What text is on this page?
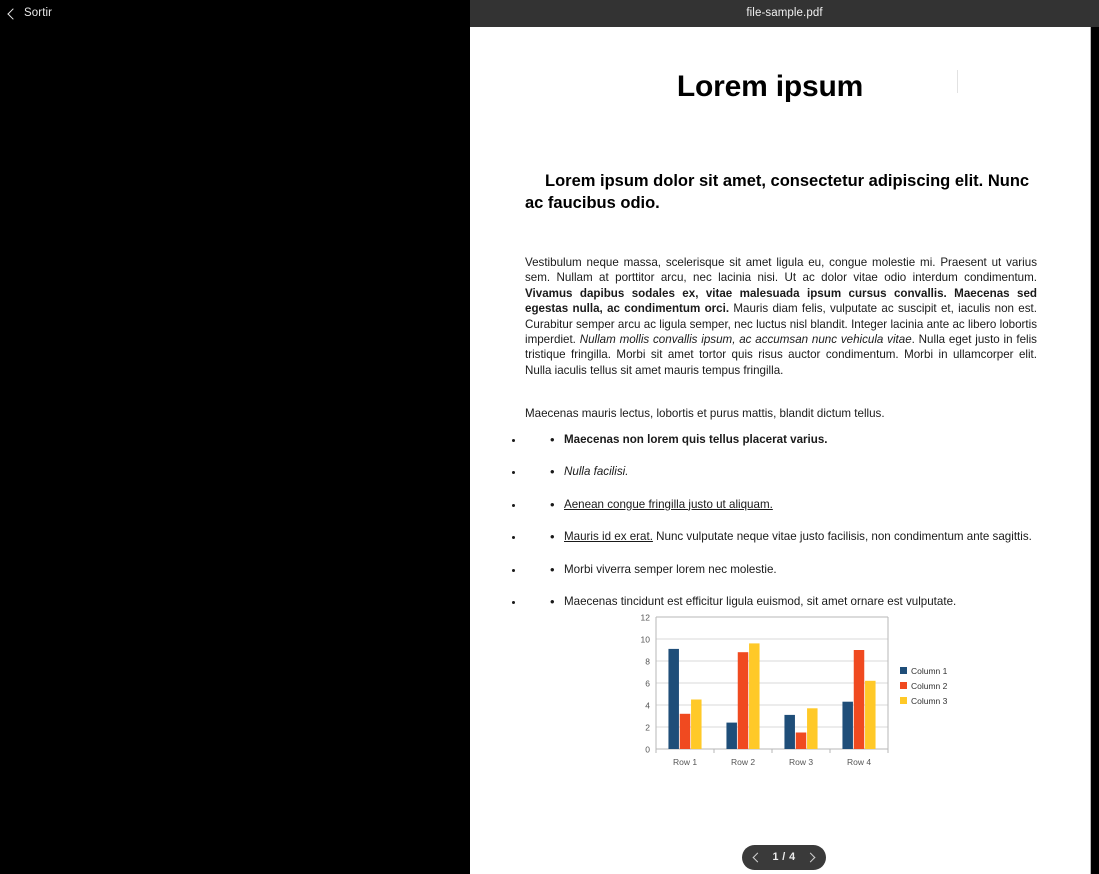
Sortir	file-sample.pdf
Lorem ipsum
Lorem ipsum dolor sit amet, consectetur adipiscing elit. Nunc ac faucibus odio.
Vestibulum neque massa, scelerisque sit amet ligula eu, congue molestie mi. Praesent ut varius sem. Nullam at porttitor arcu, nec lacinia nisi. Ut ac dolor vitae odio interdum condimentum. Vivamus dapibus sodales ex, vitae malesuada ipsum cursus convallis. Maecenas sed egestas nulla, ac condimentum orci. Mauris diam felis, vulputate ac suscipit et, iaculis non est. Curabitur semper arcu ac ligula semper, nec luctus nisl blandit. Integer lacinia ante ac libero lobortis imperdiet. Nullam mollis convallis ipsum, ac accumsan nunc vehicula vitae. Nulla eget justo in felis tristique fringilla. Morbi sit amet tortor quis risus auctor condimentum. Morbi in ullamcorper elit. Nulla iaculis tellus sit amet mauris tempus fringilla.
Maecenas mauris lectus, lobortis et purus mattis, blandit dictum tellus.
• • Maecenas non lorem quis tellus placerat varius.
• • Nulla facilisi.
• • Aenean congue fringilla justo ut aliquam.
• • Mauris id ex erat. Nunc vulputate neque vitae justo facilisis, non condimentum ante sagittis.
• • Morbi viverra semper lorem nec molestie.
• • Maecenas tincidunt est efficitur ligula euismod, sit amet ornare est vulputate.
0
2
4
6
8
10
12
Row 1	Row 2	Row 3	Row 4
Column 1
Column 2
Column 3
1 / 4
